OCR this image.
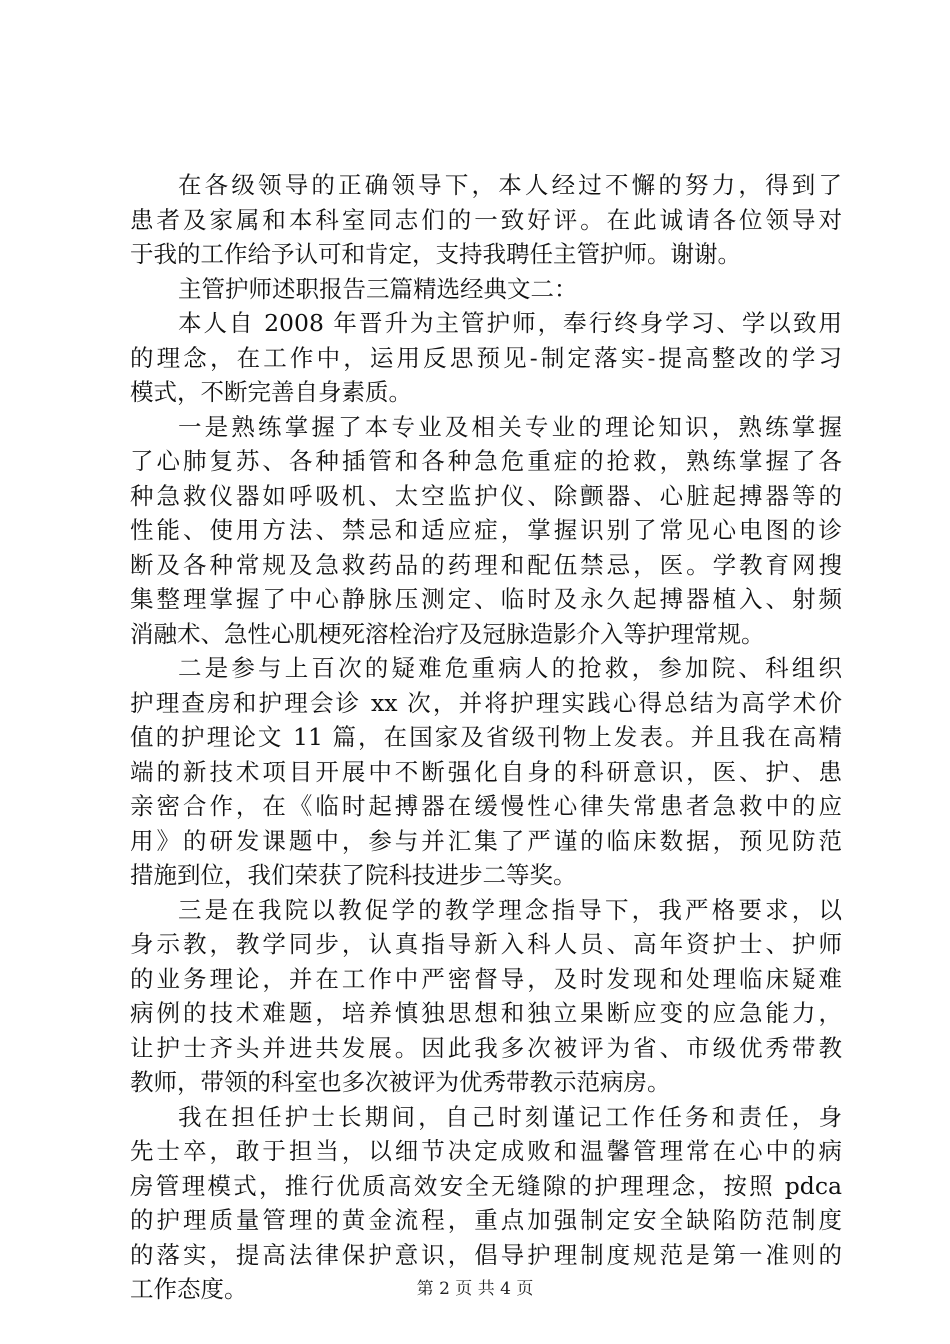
在各级领导的正确领导下，本人经过不懈的努力，得到了
患者及家属和本科室同志们的一致好评。在此诚请各位领导对
于我的工作给予认可和肯定，支持我聘任主管护师。谢谢。
主管护师述职报告三篇精选经典文二：
本人自 2008 年晋升为主管护师，奉行终身学习、学以致用
的理念，在工作中，运用反思预见-制定落实-提高整改的学习
模式，不断完善自身素质。
一是熟练掌握了本专业及相关专业的理论知识，熟练掌握
了心肺复苏、各种插管和各种急危重症的抢救，熟练掌握了各
种急救仪器如呼吸机、太空监护仪、除颤器、心脏起搏器等的
性能、使用方法、禁忌和适应症，掌握识别了常见心电图的诊
断及各种常规及急救药品的药理和配伍禁忌，医。学教育网搜
集整理掌握了中心静脉压测定、临时及永久起搏器植入、射频
消融术、急性心肌梗死溶栓治疗及冠脉造影介入等护理常规。
二是参与上百次的疑难危重病人的抢救，参加院、科组织
护理查房和护理会诊 xx 次，并将护理实践心得总结为高学术价
值的护理论文 11 篇，在国家及省级刊物上发表。并且我在高精
端的新技术项目开展中不断强化自身的科研意识，医、护、患
亲密合作，在《临时起搏器在缓慢性心律失常患者急救中的应
用》的研发课题中，参与并汇集了严谨的临床数据，预见防范
措施到位，我们荣获了院科技进步二等奖。
三是在我院以教促学的教学理念指导下，我严格要求，以
身示教，教学同步，认真指导新入科人员、高年资护士、护师
的业务理论，并在工作中严密督导，及时发现和处理临床疑难
病例的技术难题，培养慎独思想和独立果断应变的应急能力，
让护士齐头并进共发展。因此我多次被评为省、市级优秀带教
教师，带领的科室也多次被评为优秀带教示范病房。
我在担任护士长期间，自己时刻谨记工作任务和责任，身
先士卒，敢于担当，以细节决定成败和温馨管理常在心中的病
房管理模式，推行优质高效安全无缝隙的护理理念，按照 pdca
的护理质量管理的黄金流程，重点加强制定安全缺陷防范制度
的落实，提高法律保护意识，倡导护理制度规范是第一准则的
工作态度。	第 2 页 共 4 页
